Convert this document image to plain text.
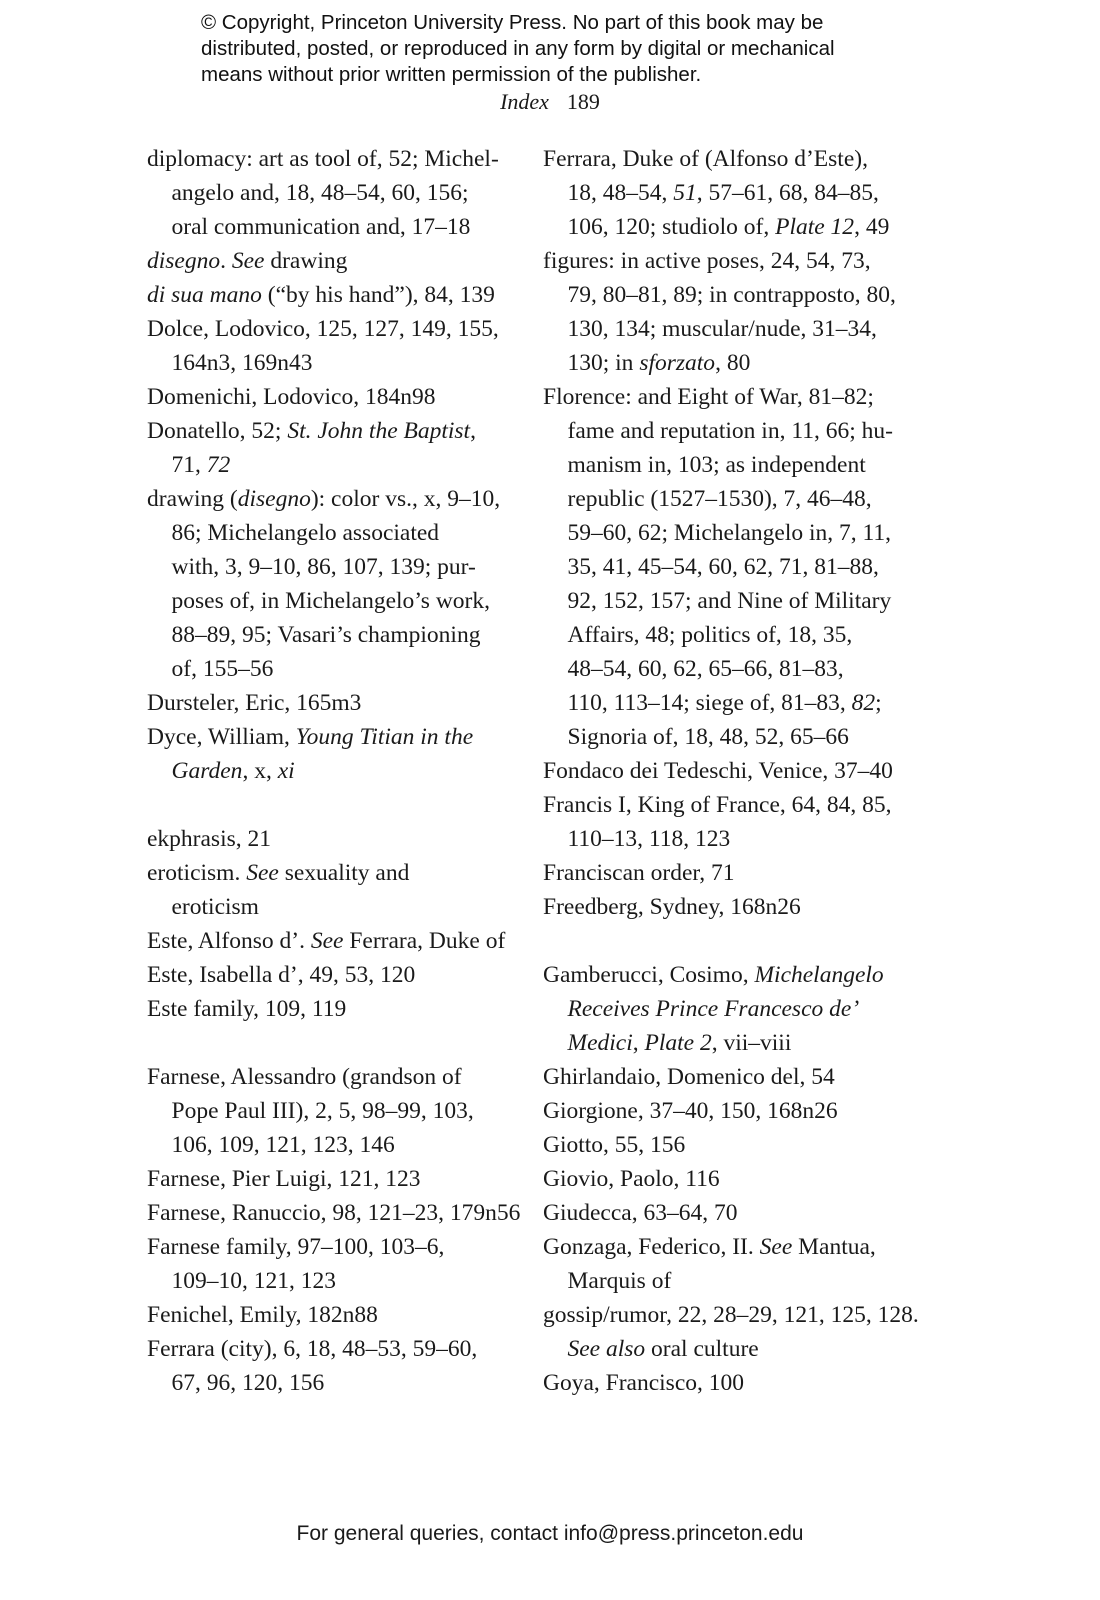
© Copyright, Princeton University Press. No part of this book may be
distributed, posted, or reproduced in any form by digital or mechanical
means without prior written permission of the publisher.
Index 189
diplomacy: art as tool of, 52; Michel-
angelo and, 18, 48–54, 60, 156;
oral communication and, 17–18
disegno. See drawing
di sua mano (“by his hand”), 84, 139
Dolce, Lodovico, 125, 127, 149, 155,
164n3, 169n43
Domenichi, Lodovico, 184n98
Donatello, 52; St. John the Baptist,
71, 72
drawing (disegno): color vs., x, 9–10,
86; Michelangelo associated
with, 3, 9–10, 86, 107, 139; pur-
poses of, in Michelangelo’s work,
88–89, 95; Vasari’s championing
of, 155–56
Dursteler, Eric, 165m3
Dyce, William, Young Titian in the
Garden, x, xi
ekphrasis, 21
eroticism. See sexuality and
eroticism
Este, Alfonso d’. See Ferrara, Duke of
Este, Isabella d’, 49, 53, 120
Este family, 109, 119
Farnese, Alessandro (grandson of
Pope Paul III), 2, 5, 98–99, 103,
106, 109, 121, 123, 146
Farnese, Pier Luigi, 121, 123
Farnese, Ranuccio, 98, 121–23, 179n56
Farnese family, 97–100, 103–6,
109–10, 121, 123
Fenichel, Emily, 182n88
Ferrara (city), 6, 18, 48–53, 59–60,
67, 96, 120, 156
Ferrara, Duke of (Alfonso d’Este),
18, 48–54, 51, 57–61, 68, 84–85,
106, 120; studiolo of, Plate 12, 49
figures: in active poses, 24, 54, 73,
79, 80–81, 89; in contrapposto, 80,
130, 134; muscular/nude, 31–34,
130; in sforzato, 80
Florence: and Eight of War, 81–82;
fame and reputation in, 11, 66; hu-
manism in, 103; as independent
republic (1527–1530), 7, 46–48,
59–60, 62; Michelangelo in, 7, 11,
35, 41, 45–54, 60, 62, 71, 81–88,
92, 152, 157; and Nine of Military
Affairs, 48; politics of, 18, 35,
48–54, 60, 62, 65–66, 81–83,
110, 113–14; siege of, 81–83, 82;
Signoria of, 18, 48, 52, 65–66
Fondaco dei Tedeschi, Venice, 37–40
Francis I, King of France, 64, 84, 85,
110–13, 118, 123
Franciscan order, 71
Freedberg, Sydney, 168n26
Gamberucci, Cosimo, Michelangelo
Receives Prince Francesco de’
Medici, Plate 2, vii–viii
Ghirlandaio, Domenico del, 54
Giorgione, 37–40, 150, 168n26
Giotto, 55, 156
Giovio, Paolo, 116
Giudecca, 63–64, 70
Gonzaga, Federico, II. See Mantua,
Marquis of
gossip/rumor, 22, 28–29, 121, 125, 128.
See also oral culture
Goya, Francisco, 100
For general queries, contact info@press.princeton.edu
